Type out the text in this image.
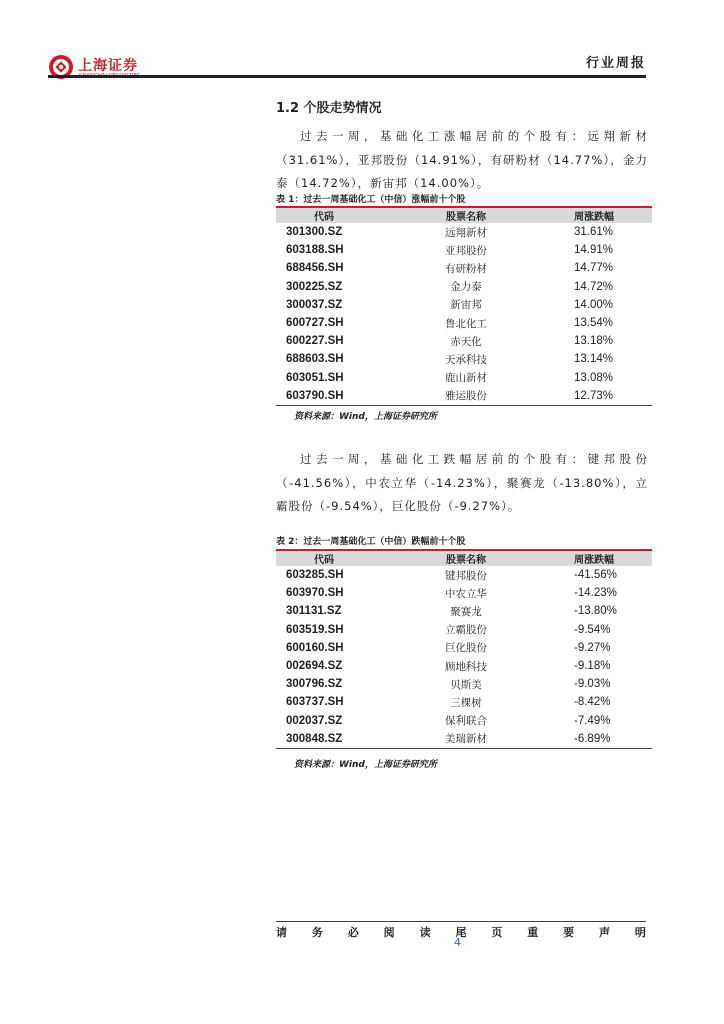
上海证券	行业周报
1.2 个股走势情况
过去一周，基础化工涨幅居前的个股有：远翔新材（31.61%），亚邦股份（14.91%），有研粉材（14.77%），金力泰（14.72%），新宙邦（14.00%）。
表 1：过去一周基础化工（中信）涨幅前十个股
代码	股票名称	周涨跌幅
301300.SZ	远翔新材	31.61%
603188.SH	亚邦股份	14.91%
688456.SH	有研粉材	14.77%
300225.SZ	金力泰	14.72%
300037.SZ	新宙邦	14.00%
600727.SH	鲁北化工	13.54%
600227.SH	赤天化	13.18%
688603.SH	天承科技	13.14%
603051.SH	鹿山新材	13.08%
603790.SH	雅运股份	12.73%
资料来源：Wind，上海证券研究所
过去一周，基础化工跌幅居前的个股有：键邦股份（-41.56%），中农立华（-14.23%），聚赛龙（-13.80%），立霸股份（-9.54%），巨化股份（-9.27%）。
表 2：过去一周基础化工（中信）跌幅前十个股
代码	股票名称	周涨跌幅
603285.SH	键邦股份	-41.56%
603970.SH	中农立华	-14.23%
301131.SZ	聚赛龙	-13.80%
603519.SH	立霸股份	-9.54%
600160.SH	巨化股份	-9.27%
002694.SZ	顾地科技	-9.18%
300796.SZ	贝斯美	-9.03%
603737.SH	三棵树	-8.42%
002037.SZ	保利联合	-7.49%
300848.SZ	美瑞新材	-6.89%
资料来源：Wind，上海证券研究所
请 务 必 阅 读 尾 页 重 要 声 明
4
